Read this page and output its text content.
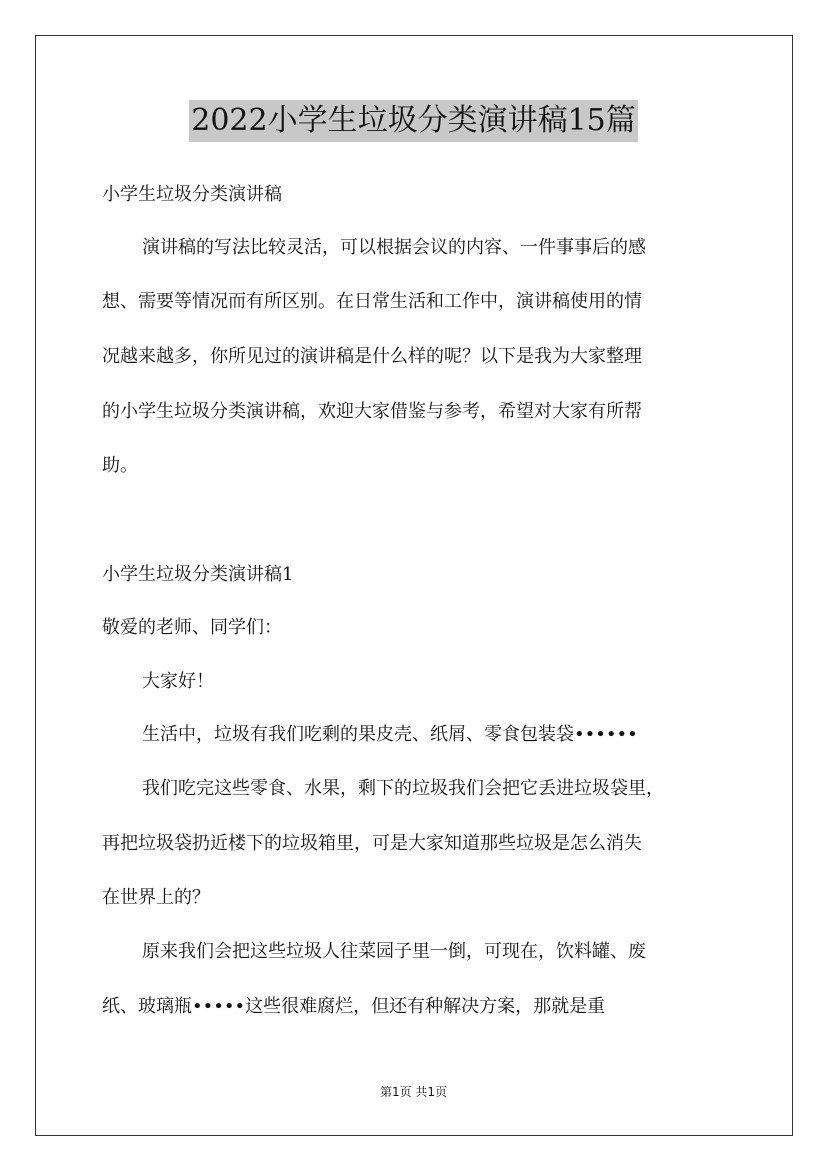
2022小学生垃圾分类演讲稿15篇
小学生垃圾分类演讲稿
演讲稿的写法比较灵活，可以根据会议的内容、一件事事后的感
想、需要等情况而有所区别。在日常生活和工作中，演讲稿使用的情
况越来越多，你所见过的演讲稿是什么样的呢？以下是我为大家整理
的小学生垃圾分类演讲稿，欢迎大家借鉴与参考，希望对大家有所帮
助。
小学生垃圾分类演讲稿1
敬爱的老师、同学们：
大家好！
生活中，垃圾有我们吃剩的果皮壳、纸屑、零食包装袋••••••
我们吃完这些零食、水果，剩下的垃圾我们会把它丢进垃圾袋里，
再把垃圾袋扔近楼下的垃圾箱里，可是大家知道那些垃圾是怎么消失
在世界上的？
原来我们会把这些垃圾人往菜园子里一倒，可现在，饮料罐、废
纸、玻璃瓶•••••这些很难腐烂，但还有种解决方案，那就是重
第1页 共1页
